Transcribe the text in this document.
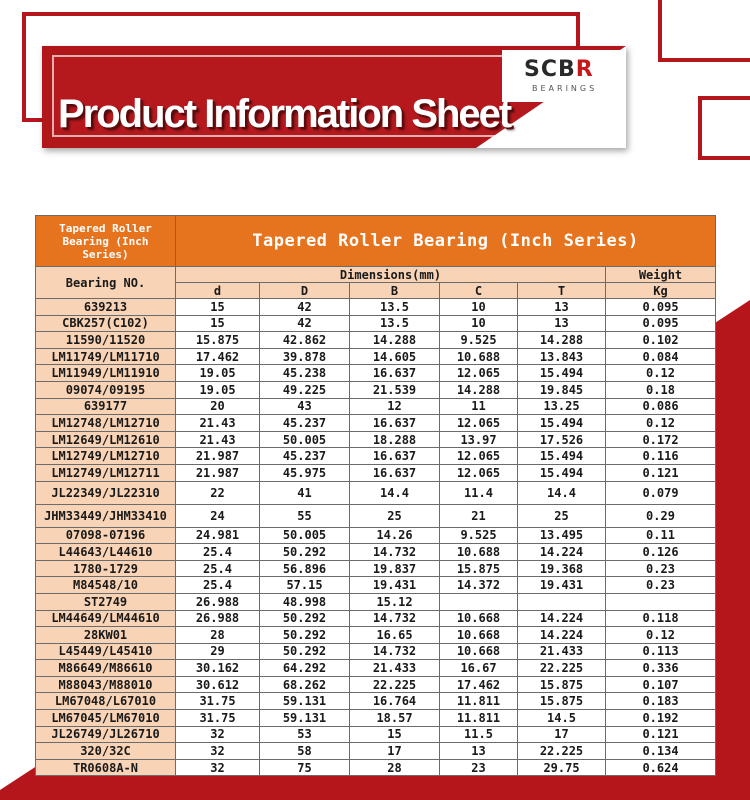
SCBR
BEARINGS
Product Information Sheet
Tapered Roller Bearing (Inch Series)	Tapered Roller Bearing (Inch Series)					
Bearing NO.	Dimensions(mm)					Weight
	d	D	B	C	T	Kg
639213	15	42	13.5	10	13	0.095
CBK257(C102)	15	42	13.5	10	13	0.095
11590/11520	15.875	42.862	14.288	9.525	14.288	0.102
LM11749/LM11710	17.462	39.878	14.605	10.688	13.843	0.084
LM11949/LM11910	19.05	45.238	16.637	12.065	15.494	0.12
09074/09195	19.05	49.225	21.539	14.288	19.845	0.18
639177	20	43	12	11	13.25	0.086
LM12748/LM12710	21.43	45.237	16.637	12.065	15.494	0.12
LM12649/LM12610	21.43	50.005	18.288	13.97	17.526	0.172
LM12749/LM12710	21.987	45.237	16.637	12.065	15.494	0.116
LM12749/LM12711	21.987	45.975	16.637	12.065	15.494	0.121
JL22349/JL22310	22	41	14.4	11.4	14.4	0.079
JHM33449/JHM33410	24	55	25	21	25	0.29
07098-07196	24.981	50.005	14.26	9.525	13.495	0.11
L44643/L44610	25.4	50.292	14.732	10.688	14.224	0.126
1780-1729	25.4	56.896	19.837	15.875	19.368	0.23
M84548/10	25.4	57.15	19.431	14.372	19.431	0.23
ST2749	26.988	48.998	15.12			
LM44649/LM44610	26.988	50.292	14.732	10.668	14.224	0.118
28KW01	28	50.292	16.65	10.668	14.224	0.12
L45449/L45410	29	50.292	14.732	10.668	21.433	0.113
M86649/M86610	30.162	64.292	21.433	16.67	22.225	0.336
M88043/M88010	30.612	68.262	22.225	17.462	15.875	0.107
LM67048/L67010	31.75	59.131	16.764	11.811	15.875	0.183
LM67045/LM67010	31.75	59.131	18.57	11.811	14.5	0.192
JL26749/JL26710	32	53	15	11.5	17	0.121
320/32C	32	58	17	13	22.225	0.134
TR0608A-N	32	75	28	23	29.75	0.624
